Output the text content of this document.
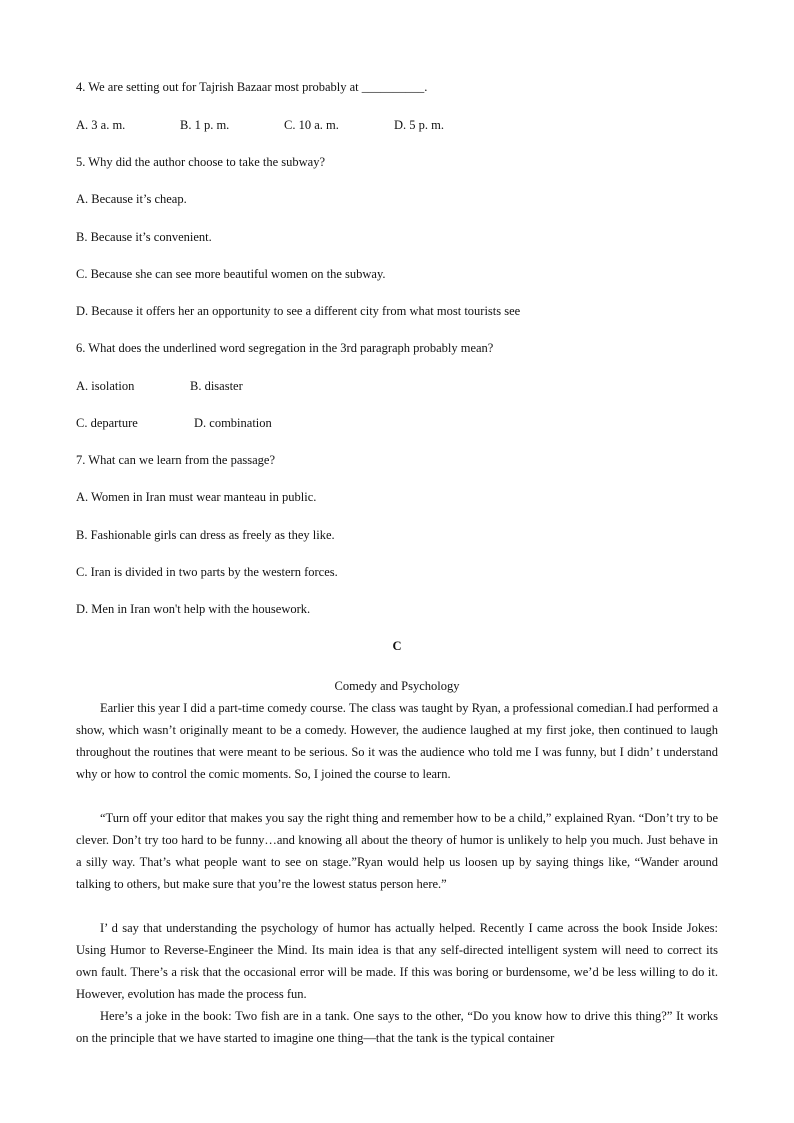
4. We are setting out for Tajrish Bazaar most probably at __________.
A. 3 a. m.	B. 1 p. m.	C. 10 a. m.	D. 5 p. m.
5. Why did the author choose to take the subway?
A. Because it’s cheap.
B. Because it’s convenient.
C. Because she can see more beautiful women on the subway.
D. Because it offers her an opportunity to see a different city from what most tourists see
6. What does the underlined word segregation in the 3rd paragraph probably mean?
A. isolation	B. disaster
C. departure	D. combination
7. What can we learn from the passage?
A. Women in Iran must wear manteau in public.
B. Fashionable girls can dress as freely as they like.
C. Iran is divided in two parts by the western forces.
D. Men in Iran won't help with the housework.
C
Comedy and Psychology
Earlier this year I did a part-time comedy course. The class was taught by Ryan, a professional comedian.I had performed a show, which wasn’t originally meant to be a comedy. However, the audience laughed at my first joke, then continued to laugh throughout the routines that were meant to be serious. So it was the audience who told me I was funny, but I didn’ t understand why or how to control the comic moments. So, I joined the course to learn.
“Turn off your editor that makes you say the right thing and remember how to be a child,” explained Ryan. “Don’t try to be clever. Don’t try too hard to be funny…and knowing all about the theory of humor is unlikely to help you much. Just behave in a silly way. That’s what people want to see on stage.”Ryan would help us loosen up by saying things like, “Wander around talking to others, but make sure that you’re the lowest status person here.”
I’ d say that understanding the psychology of humor has actually helped. Recently I came across the book Inside Jokes: Using Humor to Reverse-Engineer the Mind. Its main idea is that any self-directed intelligent system will need to correct its own fault. There’s a risk that the occasional error will be made. If this was boring or burdensome, we’d be less willing to do it. However, evolution has made the process fun.
Here’s a joke in the book: Two fish are in a tank. One says to the other, “Do you know how to drive this thing?” It works on the principle that we have started to imagine one thing—that the tank is the typical container
